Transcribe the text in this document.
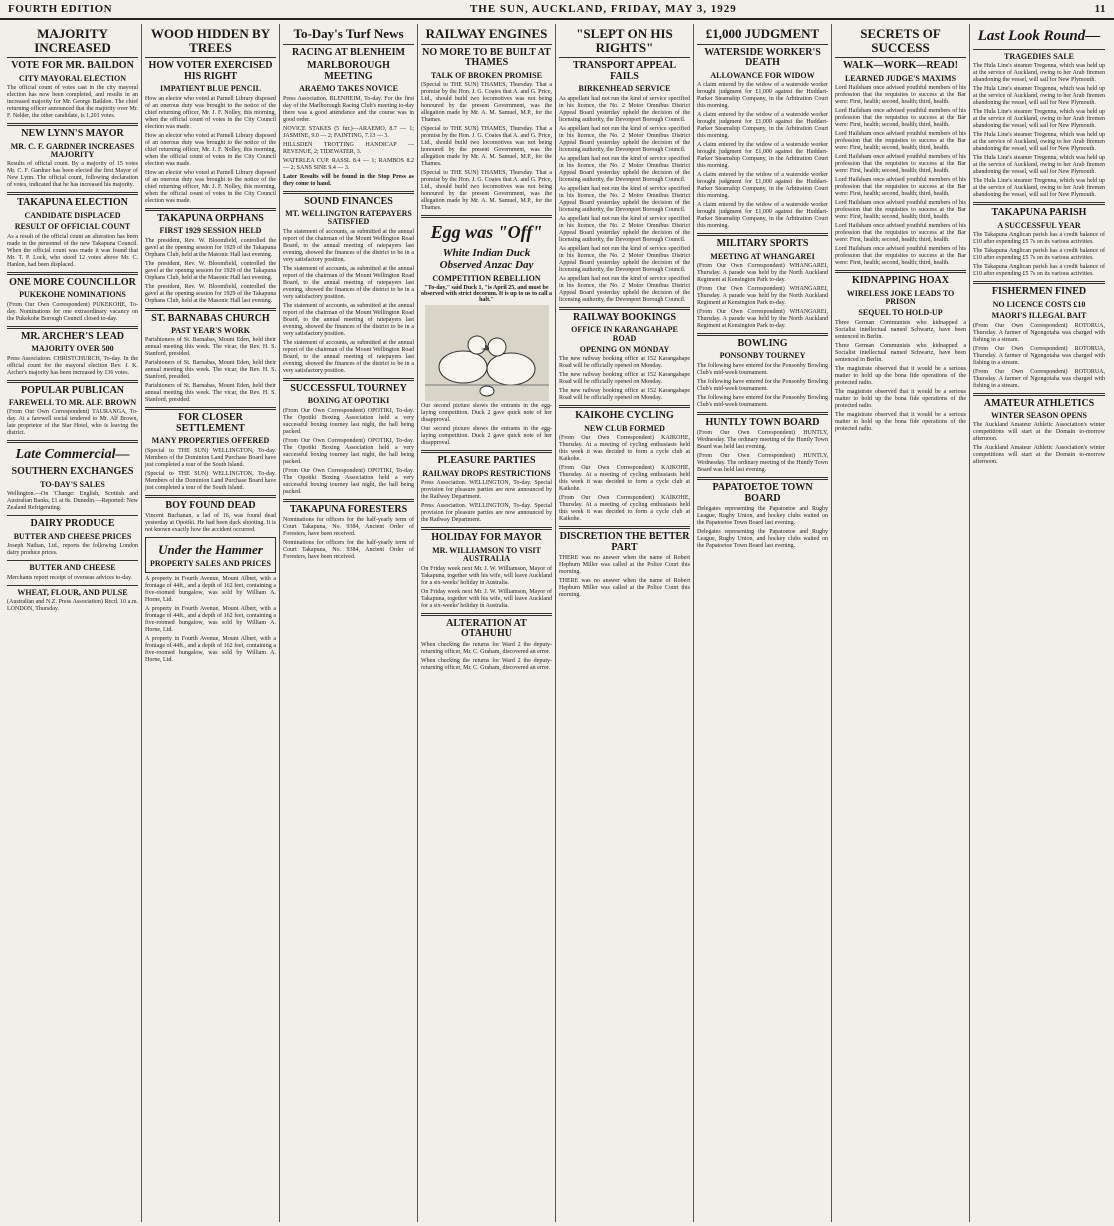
FOURTH EDITION	THE SUN, AUCKLAND, FRIDAY, MAY 3, 1929	11
MAJORITY INCREASED
VOTE FOR MR. BAILDON
CITY MAYORAL ELECTION

The official count of votes cast in the city mayoral election has now been completed, and results in an increased majority for Mr. George Baildon. The chief returning officer announced that the majority over Mr. F. Nelder, the other candidate, is 1,201 votes.

NEW LYNN'S MAYOR
MR. C. F. GARDNER INCREASES MAJORITY

Results of official count. By a majority of 15 votes Mr. C. F. Gardner has been elected the first Mayor of New Lynn. The official count, following declaration of votes, indicated that he has increased his majority.

TAKAPUNA ELECTION
CANDIDATE DISPLACED
RESULT OF OFFICIAL COUNT

As a result of the official count an alteration has been made in the personnel of the new Takapuna Council. When the official count was made it was found that Mr. T. P. Lock, who stood 12 votes above Mr. C. Hanlon, had been displaced.

ONE MORE COUNCILLOR
PUKEKOHE NOMINATIONS

(From Our Own Correspondent) PUKEKOHE, To-day. Nominations for one extraordinary vacancy on the Pukekohe Borough Council closed to-day.

MR. ARCHER'S LEAD
MAJORITY OVER 500

Press Association. CHRISTCHURCH, To-day. In the official count for the mayoral election Rev. J. K. Archer's majority has been increased by 136 votes.

POPULAR PUBLICAN
FAREWELL TO MR. ALF. BROWN

(From Our Own Correspondent) TAURANGA, To-day. At a farewell social tendered to Mr. Alf Brown, late proprietor of the Star Hotel, who is leaving the district.

Late Commercial—
SOUTHERN EXCHANGES
TO-DAY'S SALES

Wellington.—On 'Change: English, Scottish and Australian Banks, £1 at 8s. Dunedin.—Reported: New Zealand Refrigerating.

DAIRY PRODUCE
BUTTER AND CHEESE PRICES

Joseph Nathan, Ltd., reports the following London dairy produce prices.

BUTTER AND CHEESE

Merchants report receipt of overseas advices to-day.

WHEAT, FLOUR, AND PULSE

(Australian and N.Z. Press Association) Recd. 10 a.m. LONDON, Thursday.

WOOD HIDDEN BY TREES
HOW VOTER EXERCISED HIS RIGHT
IMPATIENT BLUE PENCIL

How an elector who voted at Parnell Library disposed of an onerous duty was brought to the notice of the chief returning officer, Mr. J. F. Nolley, this morning, when the official count of votes in the City Council election was made.

How an elector who voted at Parnell Library disposed of an onerous duty was brought to the notice of the chief returning officer, Mr. J. F. Nolley, this morning, when the official count of votes in the City Council election was made.

How an elector who voted at Parnell Library disposed of an onerous duty was brought to the notice of the chief returning officer, Mr. J. F. Nolley, this morning, when the official count of votes in the City Council election was made.

TAKAPUNA ORPHANS
FIRST 1929 SESSION HELD

The president, Rev. W. Bloomfield, controlled the gavel at the opening session for 1929 of the Takapuna Orphans Club, held at the Masonic Hall last evening.

The president, Rev. W. Bloomfield, controlled the gavel at the opening session for 1929 of the Takapuna Orphans Club, held at the Masonic Hall last evening.

The president, Rev. W. Bloomfield, controlled the gavel at the opening session for 1929 of the Takapuna Orphans Club, held at the Masonic Hall last evening.

ST. BARNABAS CHURCH
PAST YEAR'S WORK

Parishioners of St. Barnabas, Mount Eden, held their annual meeting this week. The vicar, the Rev. H. S. Stanford, presided.

Parishioners of St. Barnabas, Mount Eden, held their annual meeting this week. The vicar, the Rev. H. S. Stanford, presided.

Parishioners of St. Barnabas, Mount Eden, held their annual meeting this week. The vicar, the Rev. H. S. Stanford, presided.

FOR CLOSER SETTLEMENT
MANY PROPERTIES OFFERED

(Special to THE SUN) WELLINGTON, To-day. Members of the Dominion Land Purchase Board have just completed a tour of the South Island.

(Special to THE SUN) WELLINGTON, To-day. Members of the Dominion Land Purchase Board have just completed a tour of the South Island.

BOY FOUND DEAD

Vincent Buchanan, a lad of 16, was found dead yesterday at Opotiki. He had been duck shooting. It is not known exactly how the accident occurred.

Under the Hammer
PROPERTY SALES AND PRICES

A property in Fourth Avenue, Mount Albert, with a frontage of 44ft., and a depth of 162 feet, containing a five-roomed bungalow, was sold by William A. Horne, Ltd.

A property in Fourth Avenue, Mount Albert, with a frontage of 44ft., and a depth of 162 feet, containing a five-roomed bungalow, was sold by William A. Horne, Ltd.

A property in Fourth Avenue, Mount Albert, with a frontage of 44ft., and a depth of 162 feet, containing a five-roomed bungalow, was sold by William A. Horne, Ltd.

To-Day's Turf News
RACING AT BLENHEIM
MARLBOROUGH MEETING
ARAEMO TAKES NOVICE

Press Association. BLENHEIM, To-day. For the first day of the Marlborough Racing Club's meeting to-day there was a good attendance and the course was in good order.

NOVICE STAKES (5 fur.)—ARAEMO, 8.7 — 1; JASMINE, 9.0 — 2; FAINTING, 7.13 — 3.

HILLSDEN TROTTING HANDICAP — REVENUE, 2; TIDEWATER, 3.

WATERLEA CUP. RASSL 8.4 — 1; RAMBOS 8.2 — 2; SANS SINE 9.4 — 3.

Later Results will be found in the Stop Press as they come to hand.

SOUND FINANCES
MT. WELLINGTON RATEPAYERS SATISFIED

The statement of accounts, as submitted at the annual report of the chairman of the Mount Wellington Road Board, to the annual meeting of ratepayers last evening, showed the finances of the district to be in a very satisfactory position.

The statement of accounts, as submitted at the annual report of the chairman of the Mount Wellington Road Board, to the annual meeting of ratepayers last evening, showed the finances of the district to be in a very satisfactory position.

The statement of accounts, as submitted at the annual report of the chairman of the Mount Wellington Road Board, to the annual meeting of ratepayers last evening, showed the finances of the district to be in a very satisfactory position.

The statement of accounts, as submitted at the annual report of the chairman of the Mount Wellington Road Board, to the annual meeting of ratepayers last evening, showed the finances of the district to be in a very satisfactory position.

SUCCESSFUL TOURNEY
BOXING AT OPOTIKI

(From Our Own Correspondent) OPOTIKI, To-day. The Opotiki Boxing Association held a very successful boxing tourney last night, the hall being packed.

(From Our Own Correspondent) OPOTIKI, To-day. The Opotiki Boxing Association held a very successful boxing tourney last night, the hall being packed.

(From Our Own Correspondent) OPOTIKI, To-day. The Opotiki Boxing Association held a very successful boxing tourney last night, the hall being packed.

TAKAPUNA FORESTERS

Nominations for officers for the half-yearly term of Court Takapuna, No. 9384, Ancient Order of Foresters, have been received.

Nominations for officers for the half-yearly term of Court Takapuna, No. 9384, Ancient Order of Foresters, have been received.

RAILWAY ENGINES
NO MORE TO BE BUILT AT THAMES
TALK OF BROKEN PROMISE

(Special to THE SUN) THAMES, Thursday. That a promise by the Hon. J. G. Coates that A. and G. Price, Ltd., should build two locomotives was not being honoured by the present Government, was the allegation made by Mr. A. M. Samuel, M.P., for the Thames.

(Special to THE SUN) THAMES, Thursday. That a promise by the Hon. J. G. Coates that A. and G. Price, Ltd., should build two locomotives was not being honoured by the present Government, was the allegation made by Mr. A. M. Samuel, M.P., for the Thames.

(Special to THE SUN) THAMES, Thursday. That a promise by the Hon. J. G. Coates that A. and G. Price, Ltd., should build two locomotives was not being honoured by the present Government, was the allegation made by Mr. A. M. Samuel, M.P., for the Thames.

Egg was "Off"
White Indian Duck Observed Anzac Day
COMPETITION REBELLION

"To-day," said Duck 1, "is April 25, and must be observed with strict decorum. It is up to us to call a halt."

Our second picture shows the entrants in the egg-laying competition. Duck 2 gave quick note of her disapproval.

Our second picture shows the entrants in the egg-laying competition. Duck 2 gave quick note of her disapproval.

PLEASURE PARTIES
RAILWAY DROPS RESTRICTIONS

Press Association. WELLINGTON, To-day. Special provision for pleasure parties are now announced by the Railway Department.

Press Association. WELLINGTON, To-day. Special provision for pleasure parties are now announced by the Railway Department.

HOLIDAY FOR MAYOR
MR. WILLIAMSON TO VISIT AUSTRALIA

On Friday week next Mr. J. W. Williamson, Mayor of Takapuna, together with his wife, will leave Auckland for a six-weeks' holiday in Australia.

On Friday week next Mr. J. W. Williamson, Mayor of Takapuna, together with his wife, will leave Auckland for a six-weeks' holiday in Australia.

ALTERATION AT OTAHUHU

When checking the returns for Ward 2 the deputy-returning officer, Mr. C. Graham, discovered an error.

When checking the returns for Ward 2 the deputy-returning officer, Mr. C. Graham, discovered an error.

"SLEPT ON HIS RIGHTS"
TRANSPORT APPEAL FAILS
BIRKENHEAD SERVICE

As appellant had not run the kind of service specified in his licence, the No. 2 Motor Omnibus District Appeal Board yesterday upheld the decision of the licensing authority, the Devonport Borough Council.

As appellant had not run the kind of service specified in his licence, the No. 2 Motor Omnibus District Appeal Board yesterday upheld the decision of the licensing authority, the Devonport Borough Council.

As appellant had not run the kind of service specified in his licence, the No. 2 Motor Omnibus District Appeal Board yesterday upheld the decision of the licensing authority, the Devonport Borough Council.

As appellant had not run the kind of service specified in his licence, the No. 2 Motor Omnibus District Appeal Board yesterday upheld the decision of the licensing authority, the Devonport Borough Council.

As appellant had not run the kind of service specified in his licence, the No. 2 Motor Omnibus District Appeal Board yesterday upheld the decision of the licensing authority, the Devonport Borough Council.

As appellant had not run the kind of service specified in his licence, the No. 2 Motor Omnibus District Appeal Board yesterday upheld the decision of the licensing authority, the Devonport Borough Council.

As appellant had not run the kind of service specified in his licence, the No. 2 Motor Omnibus District Appeal Board yesterday upheld the decision of the licensing authority, the Devonport Borough Council.

RAILWAY BOOKINGS
OFFICE IN KARANGAHAPE ROAD
OPENING ON MONDAY

The new railway booking office at 152 Karangahape Road will be officially opened on Monday.

The new railway booking office at 152 Karangahape Road will be officially opened on Monday.

The new railway booking office at 152 Karangahape Road will be officially opened on Monday.

KAIKOHE CYCLING
NEW CLUB FORMED

(From Our Own Correspondent) KAIKOHE, Thursday. At a meeting of cycling enthusiasts held this week it was decided to form a cycle club at Kaikohe.

(From Our Own Correspondent) KAIKOHE, Thursday. At a meeting of cycling enthusiasts held this week it was decided to form a cycle club at Kaikohe.

(From Our Own Correspondent) KAIKOHE, Thursday. At a meeting of cycling enthusiasts held this week it was decided to form a cycle club at Kaikohe.

DISCRETION THE BETTER PART

THERE was no answer when the name of Robert Hepburn Miller was called at the Police Court this morning.

THERE was no answer when the name of Robert Hepburn Miller was called at the Police Court this morning.

£1,000 JUDGMENT
WATERSIDE WORKER'S DEATH
ALLOWANCE FOR WIDOW

A claim entered by the widow of a waterside worker brought judgment for £1,000 against the Huddart-Parker Steamship Company, in the Arbitration Court this morning.

A claim entered by the widow of a waterside worker brought judgment for £1,000 against the Huddart-Parker Steamship Company, in the Arbitration Court this morning.

A claim entered by the widow of a waterside worker brought judgment for £1,000 against the Huddart-Parker Steamship Company, in the Arbitration Court this morning.

A claim entered by the widow of a waterside worker brought judgment for £1,000 against the Huddart-Parker Steamship Company, in the Arbitration Court this morning.

A claim entered by the widow of a waterside worker brought judgment for £1,000 against the Huddart-Parker Steamship Company, in the Arbitration Court this morning.

MILITARY SPORTS
MEETING AT WHANGAREI

(From Our Own Correspondent) WHANGAREI, Thursday. A parade was held by the North Auckland Regiment at Kensington Park to-day.

(From Our Own Correspondent) WHANGAREI, Thursday. A parade was held by the North Auckland Regiment at Kensington Park to-day.

(From Our Own Correspondent) WHANGAREI, Thursday. A parade was held by the North Auckland Regiment at Kensington Park to-day.

BOWLING
PONSONBY TOURNEY

The following have entered for the Ponsonby Bowling Club's mid-week tournament.

The following have entered for the Ponsonby Bowling Club's mid-week tournament.

The following have entered for the Ponsonby Bowling Club's mid-week tournament.

HUNTLY TOWN BOARD

(From Our Own Correspondent) HUNTLY, Wednesday. The ordinary meeting of the Huntly Town Board was held last evening.

(From Our Own Correspondent) HUNTLY, Wednesday. The ordinary meeting of the Huntly Town Board was held last evening.

PAPATOETOE TOWN BOARD

Delegates representing the Papatoetoe and Rugby League, Rugby Union, and hockey clubs waited on the Papatoetoe Town Board last evening.

Delegates representing the Papatoetoe and Rugby League, Rugby Union, and hockey clubs waited on the Papatoetoe Town Board last evening.

SECRETS OF SUCCESS
WALK—WORK—READ!
LEARNED JUDGE'S MAXIMS

Lord Hailsham once advised youthful members of his profession that the requisites to success at the Bar were: First, health; second, health; third, health.

Lord Hailsham once advised youthful members of his profession that the requisites to success at the Bar were: First, health; second, health; third, health.

Lord Hailsham once advised youthful members of his profession that the requisites to success at the Bar were: First, health; second, health; third, health.

Lord Hailsham once advised youthful members of his profession that the requisites to success at the Bar were: First, health; second, health; third, health.

Lord Hailsham once advised youthful members of his profession that the requisites to success at the Bar were: First, health; second, health; third, health.

Lord Hailsham once advised youthful members of his profession that the requisites to success at the Bar were: First, health; second, health; third, health.

Lord Hailsham once advised youthful members of his profession that the requisites to success at the Bar were: First, health; second, health; third, health.

Lord Hailsham once advised youthful members of his profession that the requisites to success at the Bar were: First, health; second, health; third, health.

KIDNAPPING HOAX
WIRELESS JOKE LEADS TO PRISON
SEQUEL TO HOLD-UP

Three German Communists who kidnapped a Socialist intellectual named Schwartz, have been sentenced in Berlin.

Three German Communists who kidnapped a Socialist intellectual named Schwartz, have been sentenced in Berlin.

The magistrate observed that it would be a serious matter to hold up the bona fide operations of the protected radio.

The magistrate observed that it would be a serious matter to hold up the bona fide operations of the protected radio.

The magistrate observed that it would be a serious matter to hold up the bona fide operations of the protected radio.

Last Look Round—
TRAGEDIES SALE

The Hula Line's steamer Tregenna, which was held up at the service of Auckland, owing to her Arab firemen abandoning the vessel, will sail for New Plymouth.

The Hula Line's steamer Tregenna, which was held up at the service of Auckland, owing to her Arab firemen abandoning the vessel, will sail for New Plymouth.

The Hula Line's steamer Tregenna, which was held up at the service of Auckland, owing to her Arab firemen abandoning the vessel, will sail for New Plymouth.

The Hula Line's steamer Tregenna, which was held up at the service of Auckland, owing to her Arab firemen abandoning the vessel, will sail for New Plymouth.

The Hula Line's steamer Tregenna, which was held up at the service of Auckland, owing to her Arab firemen abandoning the vessel, will sail for New Plymouth.

The Hula Line's steamer Tregenna, which was held up at the service of Auckland, owing to her Arab firemen abandoning the vessel, will sail for New Plymouth.

TAKAPUNA PARISH
A SUCCESSFUL YEAR

The Takapuna Anglican parish has a credit balance of £10 after expending £5 7s on its various activities.

The Takapuna Anglican parish has a credit balance of £10 after expending £5 7s on its various activities.

The Takapuna Anglican parish has a credit balance of £10 after expending £5 7s on its various activities.

FISHERMEN FINED
NO LICENCE COSTS £10
MAORI'S ILLEGAL BAIT

(From Our Own Correspondent) ROTORUA, Thursday. A farmer of Ngongotaha was charged with fishing in a stream.

(From Our Own Correspondent) ROTORUA, Thursday. A farmer of Ngongotaha was charged with fishing in a stream.

(From Our Own Correspondent) ROTORUA, Thursday. A farmer of Ngongotaha was charged with fishing in a stream.

AMATEUR ATHLETICS
WINTER SEASON OPENS

The Auckland Amateur Athletic Association's winter competitions will start at the Domain to-morrow afternoon.

The Auckland Amateur Athletic Association's winter competitions will start at the Domain to-morrow afternoon.
